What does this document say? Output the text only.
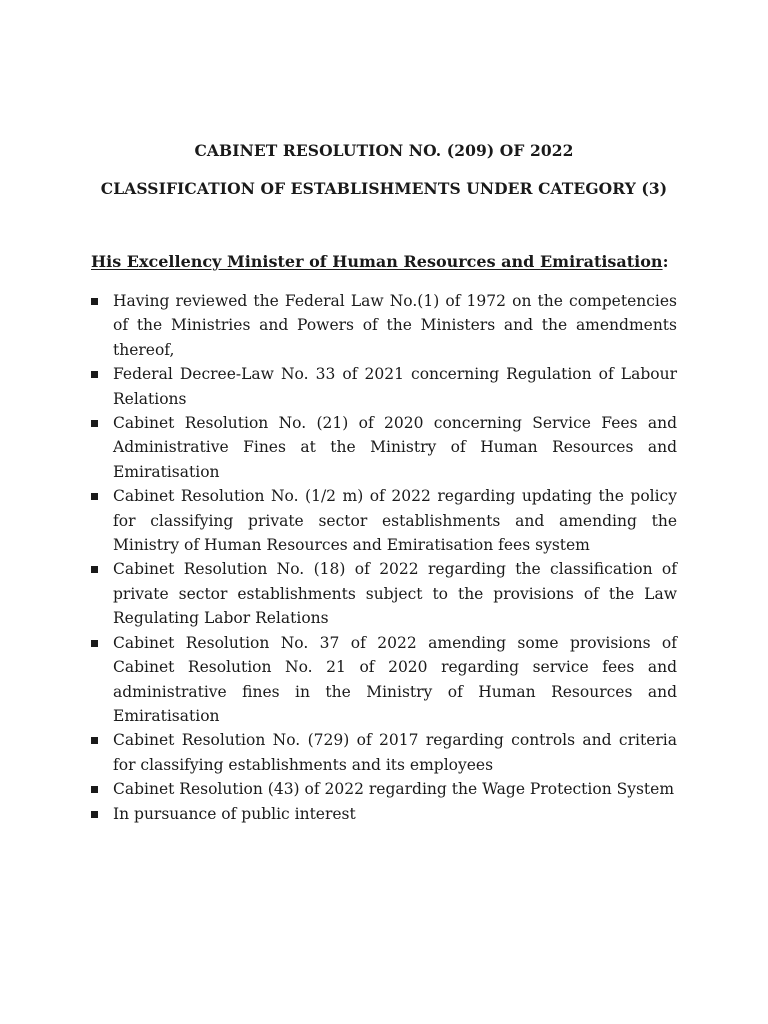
CABINET RESOLUTION NO. (209) OF 2022
CLASSIFICATION OF ESTABLISHMENTS UNDER CATEGORY (3)
His Excellency Minister of Human Resources and Emiratisation:
Having reviewed the Federal Law No.(1) of 1972 on the competencies of the Ministries and Powers of the Ministers and the amendments thereof,
Federal Decree-Law No. 33 of 2021 concerning Regulation of Labour Relations
Cabinet Resolution No. (21) of 2020 concerning Service Fees and Administrative Fines at the Ministry of Human Resources and Emiratisation
Cabinet Resolution No. (1/2 m) of 2022 regarding updating the policy for classifying private sector establishments and amending the Ministry of Human Resources and Emiratisation fees system
Cabinet Resolution No. (18) of 2022 regarding the classification of private sector establishments subject to the provisions of the Law Regulating Labor Relations
Cabinet Resolution No. 37 of 2022 amending some provisions of Cabinet Resolution No. 21 of 2020 regarding service fees and administrative fines in the Ministry of Human Resources and Emiratisation
Cabinet Resolution No. (729) of 2017 regarding controls and criteria for classifying establishments and its employees
Cabinet Resolution (43) of 2022 regarding the Wage Protection System
In pursuance of public interest
